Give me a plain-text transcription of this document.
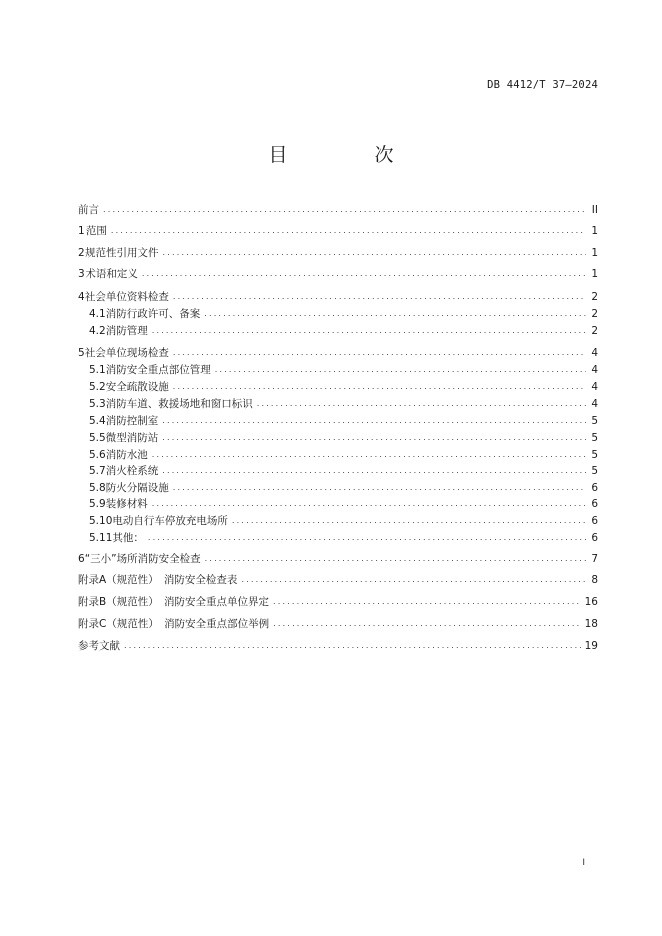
DB 4412/T 37—2024
目　次
前言 .....	II
1 范围 .....	1
2 规范性引用文件 .....	1
3 术语和定义 .....	1
4 社会单位资料检查 .....	2
4.1 消防行政许可、备案 .....	2
4.2 消防管理 .....	2
5 社会单位现场检查 .....	4
5.1 消防安全重点部位管理 .....	4
5.2 安全疏散设施 .....	4
5.3 消防车道、救援场地和窗口标识 .....	4
5.4 消防控制室 .....	5
5.5 微型消防站 .....	5
5.6 消防水池 .....	5
5.7 消火栓系统 .....	5
5.8 防火分隔设施 .....	6
5.9 装修材料 .....	6
5.10 电动自行车停放充电场所 .....	6
5.11 其他： .....	6
6 “三小”场所消防安全检查 .....	7
附录A（规范性）　消防安全检查表 .....	8
附录B（规范性）　消防安全重点单位界定 .....	16
附录C（规范性）　消防安全重点部位举例 .....	18
参考文献 .....	19
I
